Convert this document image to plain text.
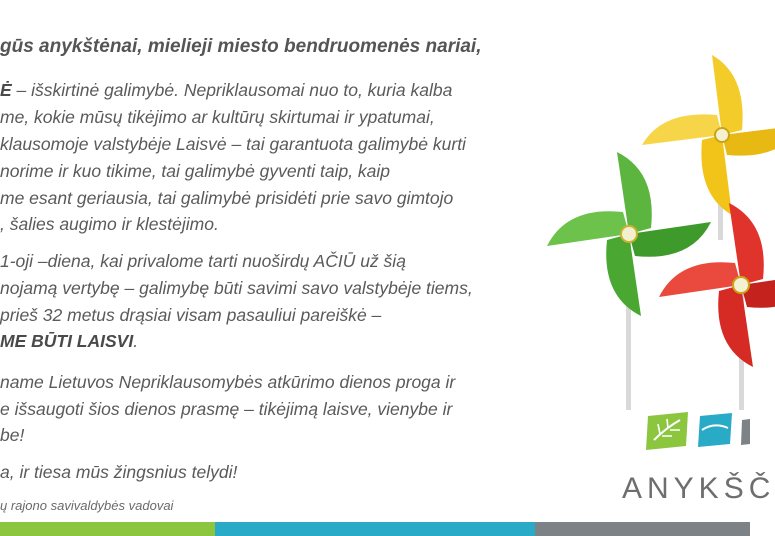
gūs anykštėnai, mielieji miesto bendruomenės nariai,
Ė – išskirtinė galimybė. Nepriklausomai nuo to, kuria kalba
me, kokie mūsų tikėjimo ar kultūrų skirtumai ir ypatumai,
klausomoje valstybėje Laisvė – tai garantuota galimybė kurti
norime ir kuo tikime, tai galimybė gyventi taip, kaip
me esant geriausia, tai galimybė prisidėti prie savo gimtojo
, šalies augimo ir klestėjimo.
1-oji –diena, kai privalome tarti nuoširdų AČIŪ už šią
nojamą vertybę – galimybę būti savimi savo valstybėje tiems,
prieš 32 metus drąsiai visam pasauliui pareiškė –
ME BŪTI LAISVI.
name Lietuvos Nepriklausomybės atkūrimo dienos proga ir
e išsaugoti šios dienos prasmę – tikėjimą laisve, vienybe ir
be!
a, ir tiesa mūs žingsnius telydi!
ų rajono savivaldybės vadovai
ANYKŠČ
